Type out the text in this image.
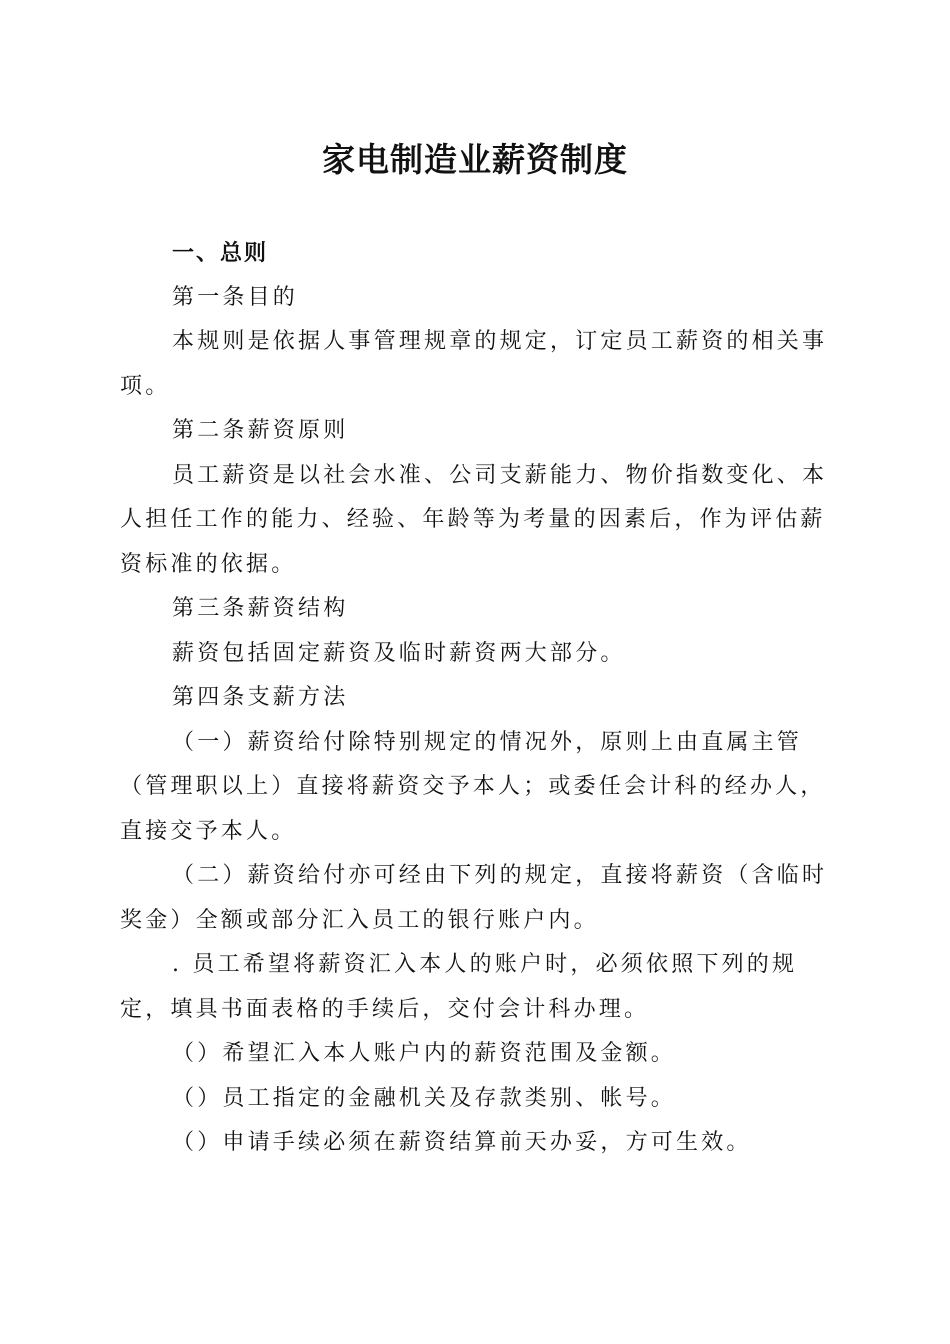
家电制造业薪资制度

一、总则

第一条目的

本规则是依据人事管理规章的规定，订定员工薪资的相关事项。

第二条薪资原则

员工薪资是以社会水准、公司支薪能力、物价指数变化、本人担任工作的能力、经验、年龄等为考量的因素后，作为评估薪资标准的依据。

第三条薪资结构

薪资包括固定薪资及临时薪资两大部分。

第四条支薪方法

（一）薪资给付除特别规定的情况外，原则上由直属主管（管理职以上）直接将薪资交予本人；或委任会计科的经办人，直接交予本人。

（二）薪资给付亦可经由下列的规定，直接将薪资（含临时奖金）全额或部分汇入员工的银行账户内。

. 员工希望将薪资汇入本人的账户时，必须依照下列的规定，填具书面表格的手续后，交付会计科办理。

（）希望汇入本人账户内的薪资范围及金额。

（）员工指定的金融机关及存款类别、帐号。

（）申请手续必须在薪资结算前天办妥，方可生效。
